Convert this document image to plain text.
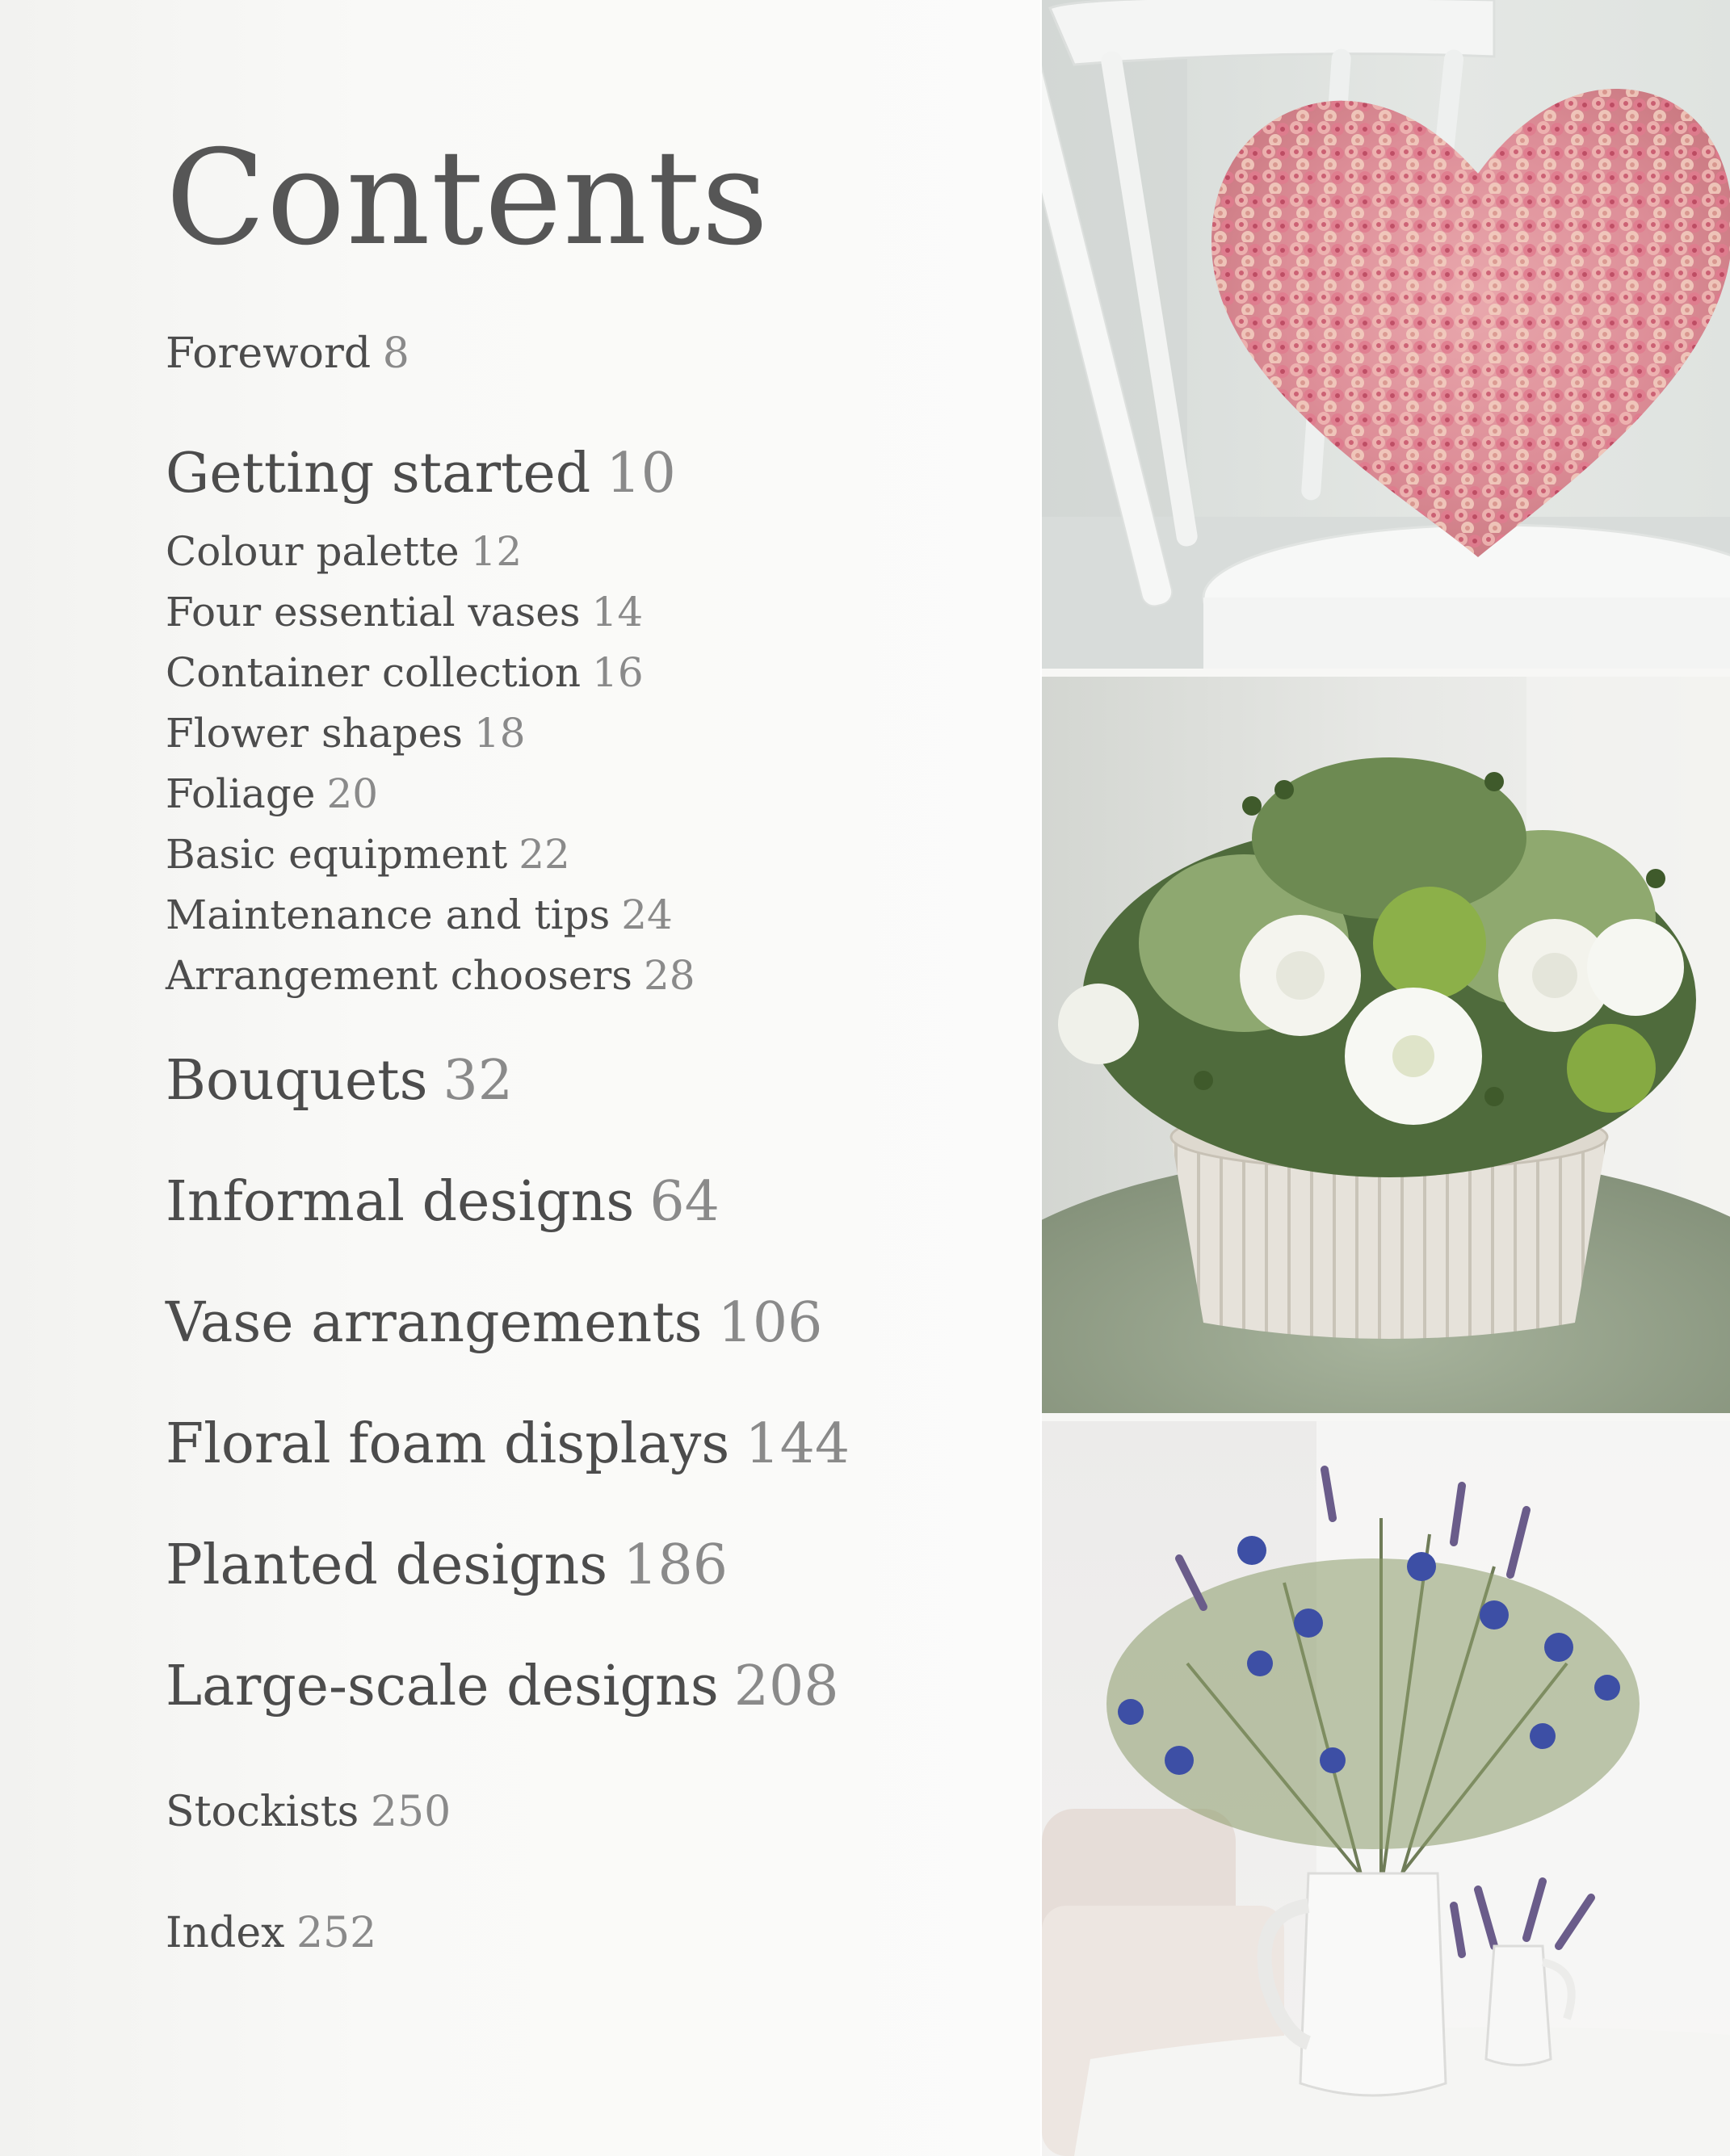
Contents
Foreword 8
Getting started 10
Colour palette 12
Four essential vases 14
Container collection 16
Flower shapes 18
Foliage 20
Basic equipment 22
Maintenance and tips 24
Arrangement choosers 28
Bouquets 32
Informal designs 64
Vase arrangements 106
Floral foam displays 144
Planted designs 186
Large-scale designs 208
Stockists 250
Index 252
